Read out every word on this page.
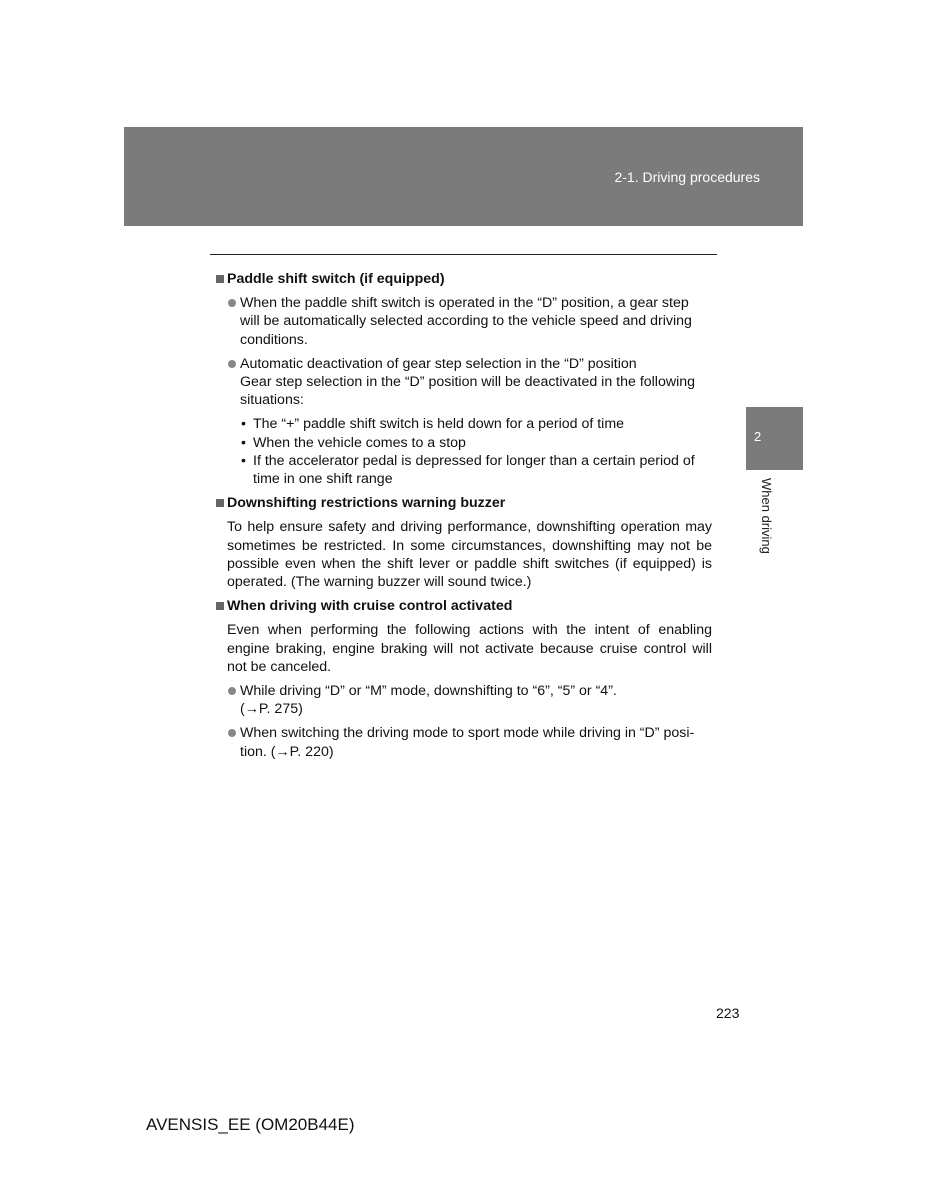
2-1. Driving procedures
2
When driving
Paddle shift switch (if equipped)
When the paddle shift switch is operated in the “D” position, a gear step will be automatically selected according to the vehicle speed and driving conditions.
Automatic deactivation of gear step selection in the “D” position
Gear step selection in the “D” position will be deactivated in the following situations:
• The “+” paddle shift switch is held down for a period of time
• When the vehicle comes to a stop
• If the accelerator pedal is depressed for longer than a certain period of time in one shift range
Downshifting restrictions warning buzzer
To help ensure safety and driving performance, downshifting operation may sometimes be restricted. In some circumstances, downshifting may not be possible even when the shift lever or paddle shift switches (if equipped) is operated. (The warning buzzer will sound twice.)
When driving with cruise control activated
Even when performing the following actions with the intent of enabling engine braking, engine braking will not activate because cruise control will not be canceled.
While driving “D” or “M” mode, downshifting to “6”, “5” or “4”.
(→P. 275)
When switching the driving mode to sport mode while driving in “D” posi-tion. (→P. 220)
223
AVENSIS_EE (OM20B44E)
